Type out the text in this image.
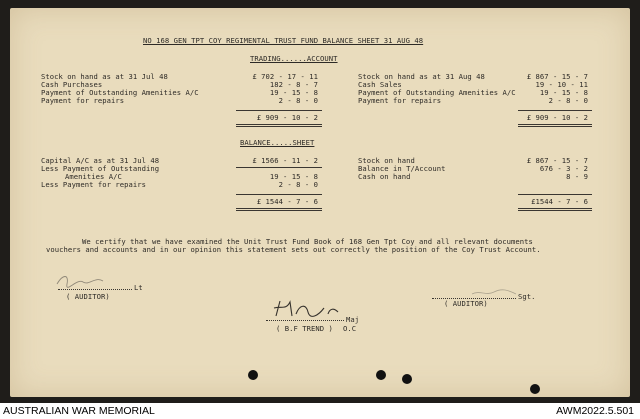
NO 168 GEN TPT COY REGIMENTAL TRUST FUND BALANCE SHEET 31 AUG 48
TRADING......ACCOUNT
Stock on hand as at 31 Jul 48
Cash Purchases
Payment of Outstanding Amenities A/C
Payment for repairs
£ 702 - 17 - 11
182 - 8 - 7
19 - 15 - 8
2 - 8 - 0
£ 909 - 10 - 2
Stock on hand as at 31 Aug 48
Cash Sales
Payment of Outstanding Amenities A/C
Payment for repairs
£ 867 - 15 - 7
19 - 10 - 11
19 - 15 - 8
2 - 8 - 0
£ 909 - 10 - 2
BALANCE.....SHEET
Capital A/C as at 31 Jul 48
Less Payment of Outstanding
Amenities A/C
Less Payment for repairs
£ 1566 - 11 - 2
19 - 15 - 8
2 - 8 - 0
£ 1544 - 7 - 6
Stock on hand
Balance in T/Account
Cash on hand
£ 867 - 15 - 7
676 - 3 - 2
8 - 9
£1544 - 7 - 6
We certify that we have examined the Unit Trust Fund Book of 168 Gen Tpt Coy and all relevant documents
vouchers and accounts and in our opinion this statement sets out correctly the position of the Coy Trust Account.
Lt
( AUDITOR)	Sgt.
( AUDITOR)
Maj
( B.F TREND ) O.C
AUSTRALIAN WAR MEMORIAL	AWM2022.5.501
